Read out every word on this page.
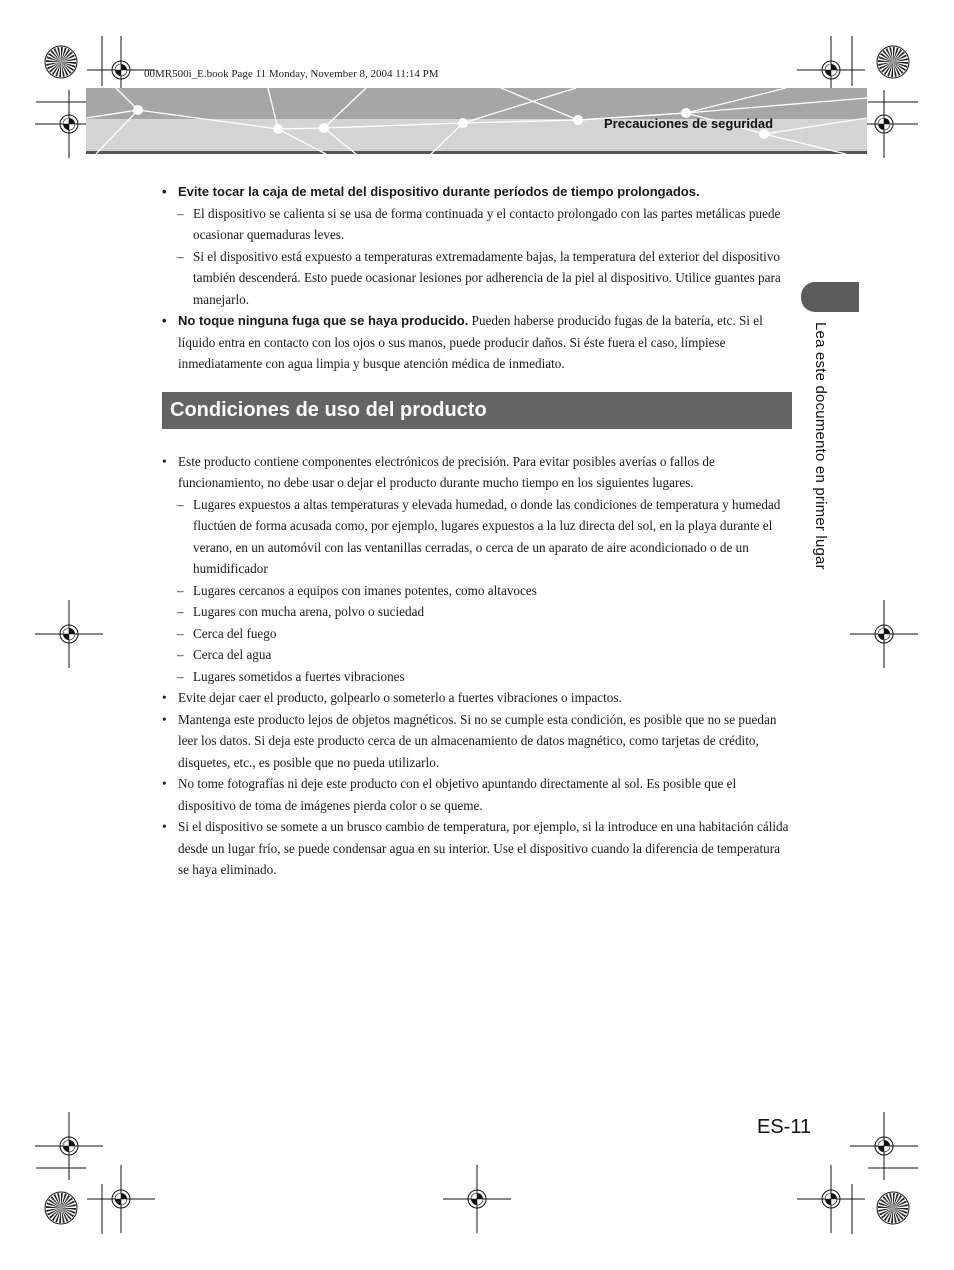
00MR500i_E.book Page 11 Monday, November 8, 2004 11:14 PM
Precauciones de seguridad
Lea este documento en primer lugar
• Evite tocar la caja de metal del dispositivo durante períodos de tiempo prolongados.
– El dispositivo se calienta si se usa de forma continuada y el contacto prolongado con las partes metálicas puede ocasionar quemaduras leves.
– Si el dispositivo está expuesto a temperaturas extremadamente bajas, la temperatura del exterior del dispositivo también descenderá. Esto puede ocasionar lesiones por adherencia de la piel al dispositivo. Utilice guantes para manejarlo.
• No toque ninguna fuga que se haya producido. Pueden haberse producido fugas de la batería, etc. Si el líquido entra en contacto con los ojos o sus manos, puede producir daños. Si éste fuera el caso, límpiese inmediatamente con agua limpia y busque atención médica de inmediato.
Condiciones de uso del producto
• Este producto contiene componentes electrónicos de precisión. Para evitar posibles averías o fallos de funcionamiento, no debe usar o dejar el producto durante mucho tiempo en los siguientes lugares.
– Lugares expuestos a altas temperaturas y elevada humedad, o donde las condiciones de temperatura y humedad fluctúen de forma acusada como, por ejemplo, lugares expuestos a la luz directa del sol, en la playa durante el verano, en un automóvil con las ventanillas cerradas, o cerca de un aparato de aire acondicionado o de un humidificador
– Lugares cercanos a equipos con imanes potentes, como altavoces
– Lugares con mucha arena, polvo o suciedad
– Cerca del fuego
– Cerca del agua
– Lugares sometidos a fuertes vibraciones
• Evite dejar caer el producto, golpearlo o someterlo a fuertes vibraciones o impactos.
• Mantenga este producto lejos de objetos magnéticos. Si no se cumple esta condición, es posible que no se puedan leer los datos. Si deja este producto cerca de un almacenamiento de datos magnético, como tarjetas de crédito, disquetes, etc., es posible que no pueda utilizarlo.
• No tome fotografías ni deje este producto con el objetivo apuntando directamente al sol. Es posible que el dispositivo de toma de imágenes pierda color o se queme.
• Si el dispositivo se somete a un brusco cambio de temperatura, por ejemplo, si la introduce en una habitación cálida desde un lugar frío, se puede condensar agua en su interior. Use el dispositivo cuando la diferencia de temperatura se haya eliminado.
ES-11
